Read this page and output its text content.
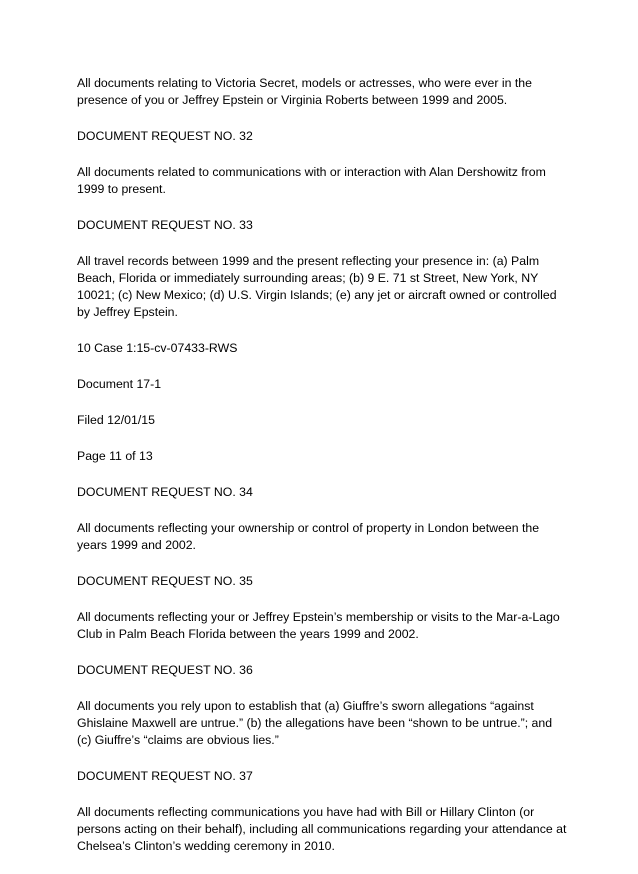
All documents relating to Victoria Secret, models or actresses, who were ever in the presence of you or Jeffrey Epstein or Virginia Roberts between 1999 and 2005.

DOCUMENT REQUEST NO. 32

All documents related to communications with or interaction with Alan Dershowitz from 1999 to present.

DOCUMENT REQUEST NO. 33

All travel records between 1999 and the present reflecting your presence in: (a) Palm Beach, Florida or immediately surrounding areas; (b) 9 E. 71 st Street, New York, NY 10021; (c) New Mexico; (d) U.S. Virgin Islands; (e) any jet or aircraft owned or controlled by Jeffrey Epstein.

10 Case 1:15-cv-07433-RWS

Document 17-1

Filed 12/01/15

Page 11 of 13

DOCUMENT REQUEST NO. 34

All documents reflecting your ownership or control of property in London between the years 1999 and 2002.

DOCUMENT REQUEST NO. 35

All documents reflecting your or Jeffrey Epstein’s membership or visits to the Mar-a-Lago Club in Palm Beach Florida between the years 1999 and 2002.

DOCUMENT REQUEST NO. 36

All documents you rely upon to establish that (a) Giuffre’s sworn allegations “against Ghislaine Maxwell are untrue.” (b) the allegations have been “shown to be untrue.”; and (c) Giuffre’s “claims are obvious lies.”

DOCUMENT REQUEST NO. 37

All documents reflecting communications you have had with Bill or Hillary Clinton (or persons acting on their behalf), including all communications regarding your attendance at Chelsea’s Clinton’s wedding ceremony in 2010.
